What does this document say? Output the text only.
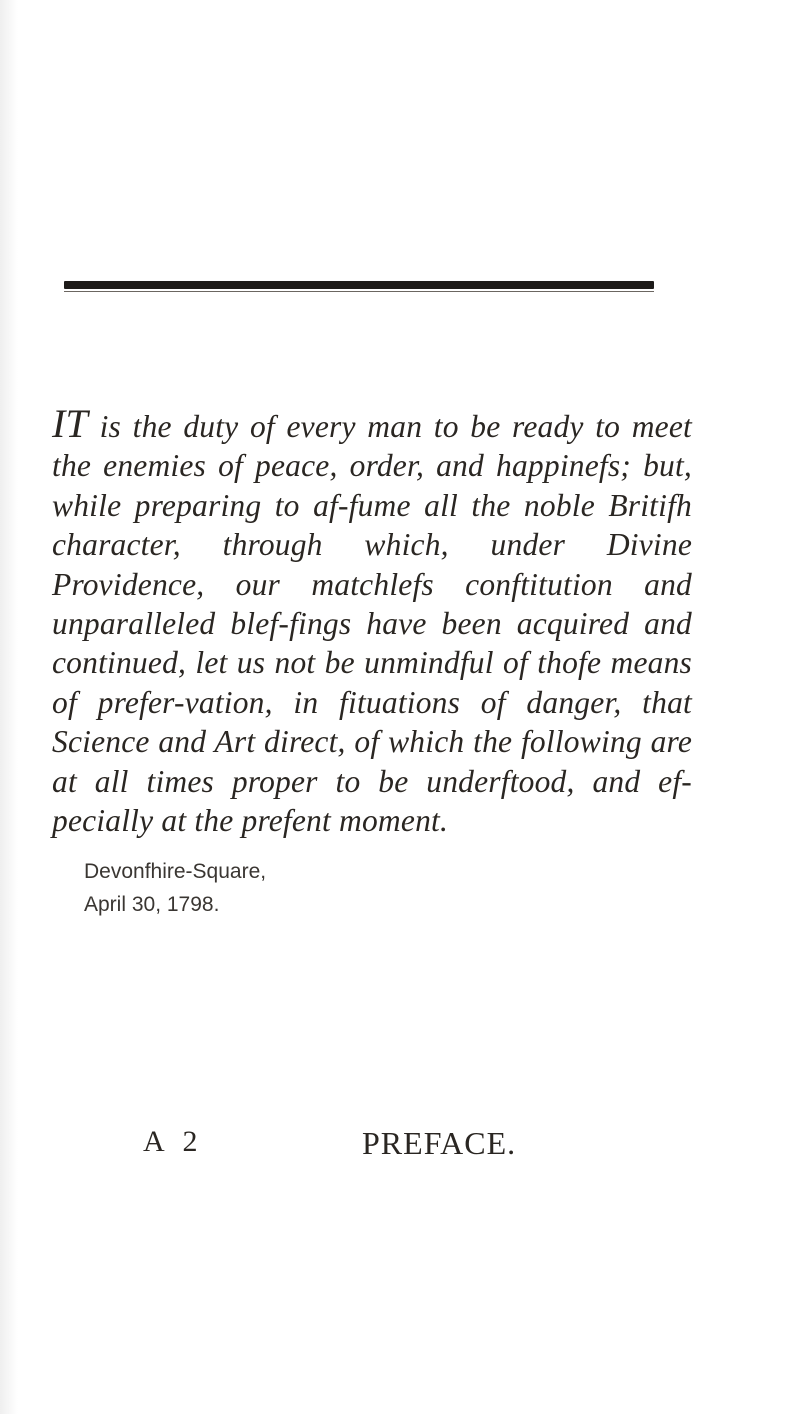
IT is the duty of every man to be ready to meet the enemies of peace, order, and happinefs; but, while preparing to af-fume all the noble Britifh character, through which, under Divine Providence, our matchlefs conftitution and unparalleled blef-fings have been acquired and continued, let us not be unmindful of thofe means of prefer-vation, in fituations of danger, that Science and Art direct, of which the following are at all times proper to be underftood, and ef-pecially at the prefent moment.

Devonfhire-Square,
April 30, 1798.
A 2	PREFACE.
